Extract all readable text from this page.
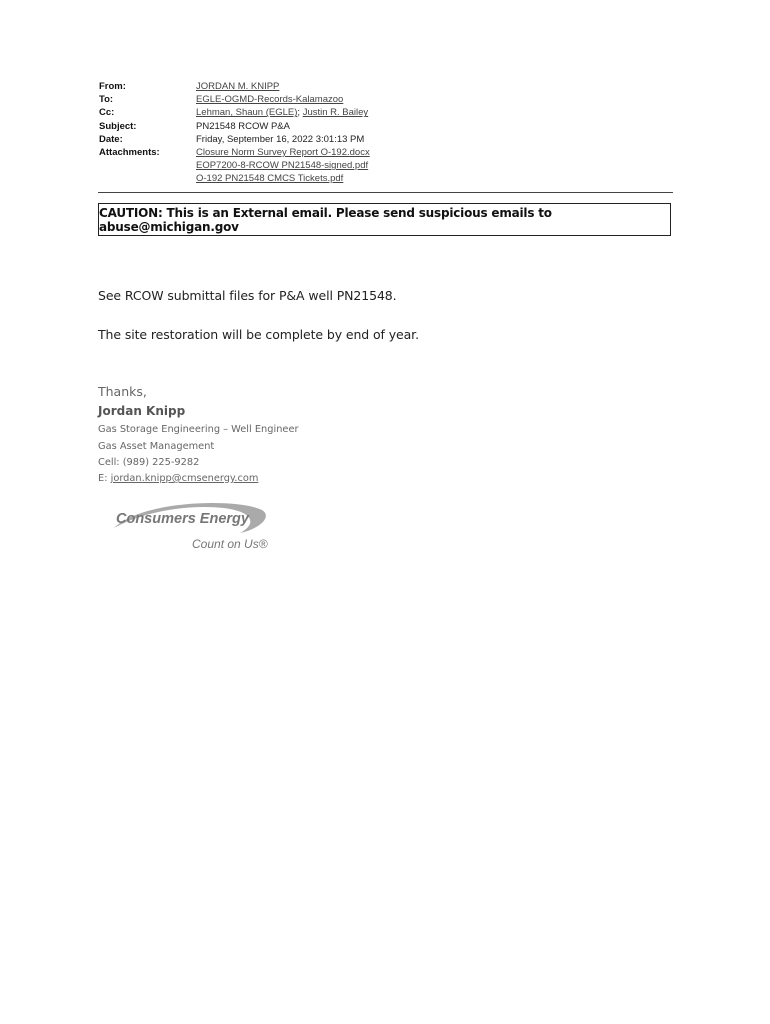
From:	JORDAN M. KNIPP
To:	EGLE-OGMD-Records-Kalamazoo
Cc:	Lehman, Shaun (EGLE); Justin R. Bailey
Subject:	PN21548 RCOW P&A
Date:	Friday, September 16, 2022 3:01:13 PM
Attachments:	Closure Norm Survey Report O-192.docx
EOP7200-8-RCOW PN21548-signed.pdf
O-192 PN21548 CMCS Tickets.pdf
CAUTION: This is an External email. Please send suspicious emails to abuse@michigan.gov
See RCOW submittal files for P&A well PN21548.
The site restoration will be complete by end of year.
Thanks,
Jordan Knipp
Gas Storage Engineering – Well Engineer
Gas Asset Management
Cell: (989) 225-9282
E: jordan.knipp@cmsenergy.com
Consumers Energy
Count on Us®
